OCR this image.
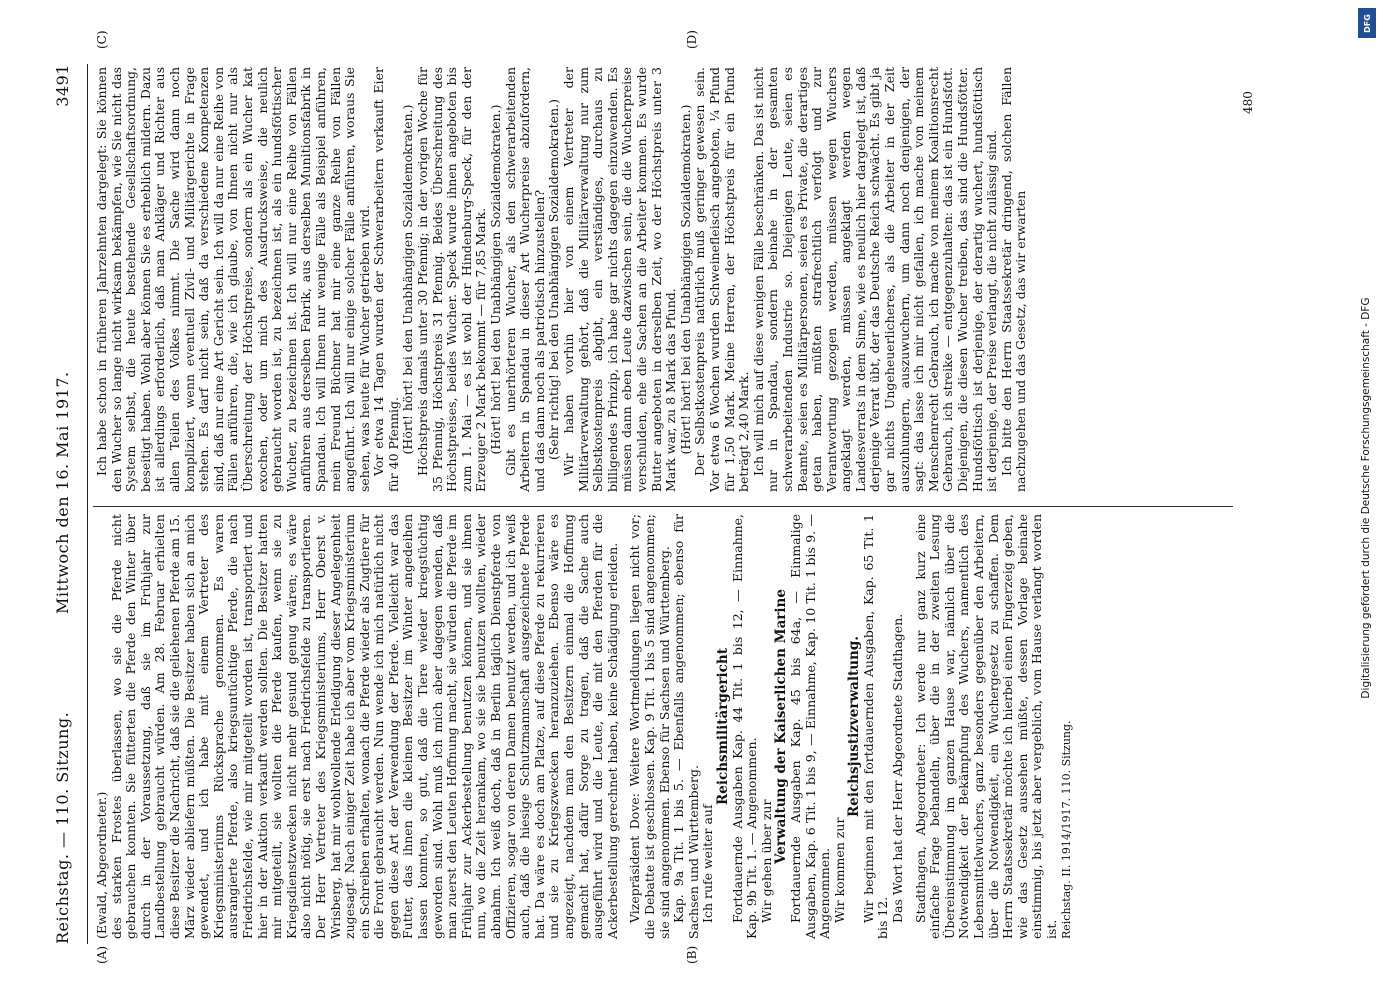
Reichstag. — 110. Sitzung.
Mittwoch den 16. Mai 1917.
3491
(A)	(B)
(C)	(D)

(Ewald, Abgeordneter.) des starken Frostes überlassen, wo sie die Pferde nicht gebrauchen konnten. Sie fütterten die Pferde den Winter über durch in der Voraussetzung, daß sie im Frühjahr zur Landbestellung gebraucht würden. Am 28. Februar erhielten diese Besitzer die Nachricht, daß sie die geliehenen Pferde am 15. März wieder abliefern müßten. Die Besitzer haben sich an mich gewendet, und ich habe mit einem Vertreter des Kriegsministeriums Rücksprache genommen. Es waren ausrangierte Pferde, also kriegsuntüchtige Pferde, die nach Friedrichsfelde, wie mir mitgeteilt worden ist, transportiert und hier in der Auktion verkauft werden sollten. Die Besitzer hatten mir mitgeteilt, sie wollten die Pferde kaufen, wenn sie zu Kriegsdienstzwecken nicht mehr gesund genug wären; es wäre also nicht nötig, sie erst nach Friedrichsfelde zu transportieren. Der Herr Vertreter des Kriegsministeriums, Herr Oberst v. Wrisberg, hat mir wohlwollende Erledigung dieser Angelegenheit zugesagt. Nach einiger Zeit habe ich aber vom Kriegsministerium ein Schreiben erhalten, wonach die Pferde wieder als Zugtiere für die Front gebraucht werden. Nun wende ich mich natürlich nicht gegen diese Art der Verwendung der Pferde. Vielleicht war das Futter, das ihnen die kleinen Besitzer im Winter angedeihen lassen konnten, so gut, daß die Tiere wieder kriegstüchtig geworden sind. Wohl muß ich mich aber dagegen wenden, daß man zuerst den Leuten Hoffnung macht, sie würden die Pferde im Frühjahr zur Ackerbestellung benutzen können, und sie ihnen nun, wo die Zeit herankam, wo sie sie benutzen wollten, wieder abnahm. Ich weiß doch, daß in Berlin täglich Dienstpferde von Offizieren, sogar von deren Damen benutzt werden, und ich weiß auch, daß die hiesige Schutzmannschaft ausgezeichnete Pferde hat. Da wäre es doch am Platze, auf diese Pferde zu rekurrieren und sie zu Kriegszwecken heranzuziehen. Ebenso wäre es angezeigt, nachdem man den Besitzern einmal die Hoffnung gemacht hat, dafür Sorge zu tragen, daß die Sache auch ausgeführt wird und die Leute, die mit den Pferden für die Ackerbestellung gerechnet haben, keine Schädigung erleiden. Vizepräsident Dove: Weitere Wortmeldungen liegen nicht vor; die Debatte ist geschlossen. Kap. 9 Tit. 1 bis 5 sind angenommen; sie sind angenommen. Ebenso für Sachsen und Württemberg. Kap. 9a Tit. 1 bis 5. — Ebenfalls angenommen; ebenso für Sachsen und Württemberg. Ich rufe weiter auf

Reichsmilitärgericht

Fortdauernde Ausgaben Kap. 44 Tit. 1 bis 12, — Einnahme, Kap. 9b Tit. 1. — Angenommen. Wir gehen über zur Verwaltung der Kaiserlichen Marine

Fortdauernde Ausgaben Kap. 45 bis 64a, — Einmalige Ausgaben, Kap. 6 Tit. 1 bis 9, — Einnahme, Kap. 10 Tit. 1 bis 9. — Angenommen. Wir kommen zur

Reichsjustizverwaltung.

Wir beginnen mit den fortdauernden Ausgaben, Kap. 65 Tit. 1 bis 12. Das Wort hat der Herr Abgeordnete Stadthagen. Stadthagen, Abgeordneter: Ich werde nur ganz kurz eine einfache Frage behandeln, über die in der zweiten Lesung Übereinstimmung im ganzen Hause war, nämlich über die Notwendigkeit der Bekämpfung des Wuchers, namentlich des Lebensmittelwuchers, ganz besonders gegenüber den Arbeitern, über die Notwendigkeit, ein Wuchergesetz zu schaffen. Dem Herrn Staatssekretär möchte ich hierbei einen Fingerzeig geben, wie das Gesetz aussehen müßte, dessen Vorlage beinahe einstimmig, bis jetzt aber vergeblich, vom Hause verlangt worden ist. Reichstag. II. 1914/1917. 110. Sitzung.

Ich habe schon in früheren Jahrzehnten dargelegt: Sie können den Wucher so lange nicht wirksam bekämpfen, wie Sie nicht das System selbst, die heute bestehende Gesellschaftsordnung, beseitigt haben. Wohl aber können Sie es erheblich mildern. Dazu ist allerdings erforderlich, daß man Ankläger und Richter aus allen Teilen des Volkes nimmt. Die Sache wird dann noch kompliziert, wenn eventuell Zivil- und Militärgerichte in Frage stehen. Es darf nicht sein, daß da verschiedene Kompetenzen sind, daß nur eine Art Gericht sein. Ich will da nur eine Reihe von Fällen anführen, die, wie ich glaube, von Ihnen nicht nur als Überschreitung der Höchstpreise, sondern als ein Wucher kat exochen, oder um mich des Ausdrucksweise, die neulich gebraucht worden ist, zu bezeichnen ist, als ein hundsföttischer Wucher, zu bezeichnen ist. Ich will nur eine Reihe von Fällen anführen aus derselben Fabrik, aus derselben Munitionsfabrik in Spandau. Ich will Ihnen nur wenige Fälle als Beispiel anführen, mein Freund Büchner hat mir eine ganze Reihe von Fällen angeführt. Ich will nur einige solcher Fälle anführen, woraus Sie sehen, was heute für Wucher getrieben wird. Vor etwa 14 Tagen wurden der Schwerarbeitern verkauft Eier für 40 Pfennig. (Hört! hört! bei den Unabhängigen Sozialdemokraten.) Höchstpreis damals unter 30 Pfennig; in der vorigen Woche für 35 Pfennig, Höchstpreis 31 Pfennig. Beides Überschreitung des Höchstpreises, beides Wucher. Speck wurde ihnen angeboten bis zum 1. Mai — es ist wohl der Hindenburg-Speck, für den der Erzeuger 2 Mark bekommt — für 7,85 Mark. (Hört! hört! bei den Unabhängigen Sozialdemokraten.) Gibt es unerhörteren Wucher, als den schwerarbeitenden Arbeitern in Spandau in dieser Art Wucherpreise abzufordern, und das dann noch als patriotisch hinzustellen? (Sehr richtig! bei den Unabhängigen Sozialdemokraten.) Wir haben vorhin hier von einem Vertreter der Militärverwaltung gehört, daß die Militärverwaltung nur zum Selbstkostenpreis abgibt, ein verständiges, durchaus zu billigendes Prinzip, ich habe gar nichts dagegen einzuwenden. Es müssen dann eben Leute dazwischen sein, die die Wucherpreise verschulden, ehe die Sachen an die Arbeiter kommen. Es wurde Butter angeboten in derselben Zeit, wo der Höchstpreis unter 3 Mark war, zu 8 Mark das Pfund. (Hört! hört! bei den Unabhängigen Sozialdemokraten.) Der Selbstkostenpreis natürlich muß geringer gewesen sein. Vor etwa 6 Wochen wurden Schweinefleisch angeboten, ¼ Pfund für 1,50 Mark. Meine Herren, der Höchstpreis für ein Pfund beträgt 2,40 Mark. Ich will mich auf diese wenigen Fälle beschränken. Das ist nicht nur in Spandau, sondern beinahe in der gesamten schwerarbeitenden Industrie so. Diejenigen Leute, seien es Beamte, seien es Militärpersonen, seien es Private, die derartiges getan haben, müßten strafrechtlich verfolgt und zur Verantwortung gezogen werden, müssen wegen Wuchers angeklagt werden, müssen angeklagt werden wegen Landesverrats in dem Sinne, wie es neulich hier dargelegt ist, daß derjenige Verrat übt, der das Deutsche Reich schwächt. Es gibt ja gar nichts Ungeheuerlicheres, als die Arbeiter in der Zeit auszuhungern, auszuwuchern, um dann noch denjenigen, der sagt: das lasse ich mir nicht gefallen, ich mache von meinem Menschenrecht Gebrauch, ich mache von meinem Koalitionsrecht Gebrauch, ich streike — entgegenzuhalten: das ist ein Hundsfott. Diejenigen, die diesen Wucher treiben, das sind die Hundsfötter. Hundsföttisch ist derjenige, der derartig wuchert, hundsföttisch ist derjenige, der Preise verlangt, die nicht zulässig sind. Ich bitte den Herrn Staatssekretär dringend, solchen Fällen nachzugehen und das Gesetz, das wir erwarten

480
DFG
Digitalisierung gefördert durch die Deutsche Forschungsgemeinschaft - DFG
